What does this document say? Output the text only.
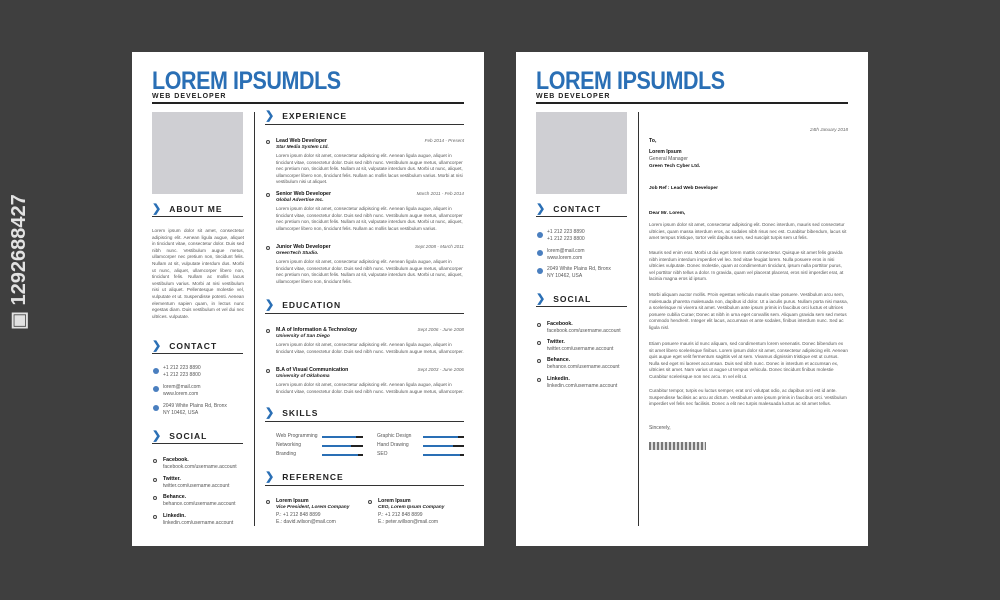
▣ 1292688427
LOREM IPSUMDLS
WEB DEVELOPER
❯ ABOUT ME
Lorem ipsum dolor sit amet, consectetur adipiscing elit. Aenean ligula augue, aliquet in tincidunt vitae, consectetur dolor. Duis sed nibh nunc. Vestibulum augue metus, ullamcorper nec pretium non, tincidunt felis. Nullam at sit, vulputate interdum dus. Morbi ut nunc, aliquet, ullamcorper libero non, tincidunt felis. Nullam ac mollis lacus vestibulum varius. Morbi at nisi vestibulum nisi ut aliquet. Pellentesque molestie vel, vulputate et ut. Suspendisse potenti. Aenean elementum sapien quam, in lectus nunc egestas diam. Duis vestibulum et vel dui nec ultrices. vulputate.
❯ CONTACT
+1 212 223 8890
+1 212 223 8800
lorem@mail.com
www.lorem.com
2049 White Plains Rd, Bronx
NY 10462, USA
❯ SOCIAL
Facebook.
facebook.com/username.account
Twitter.
twitter.com/username.account
Behance.
behance.com/username.account
Linkedin.
linkedin.com/username.account
❯ EXPERIENCE
Lead Web Developer	Feb 2014 - Present
Star Media System Ltd.
Lorem ipsum dolor sit amet, consectetur adipiscing elit. Aenean ligula augue, aliquet in tincidunt vitae, consectetur dolor. Duis sed nibh nunc. Vestibulum augue metus, ullamcorper nec pretium non, tincidunt felis. Nullam at sit, vulputate interdum dus. Morbi ut nunc, aliquet, ullamcorper libero non, tincidunt felis. Nullam ac mollis lacus vestibulum varius. Morbi at nisi vestibulum nisi ut aliquet.
Senior Web Developer	March 2011 - Feb 2014
Global Advertise Inc.
Lorem ipsum dolor sit amet, consectetur adipiscing elit. Aenean ligula augue, aliquet in tincidunt vitae, consectetur dolor. Duis sed nibh nunc. Vestibulum augue metus, ullamcorper nec pretium non, tincidunt felis. Nullam at sit, vulputate interdum dus. Morbi ut nunc, aliquet, ullamcorper libero non, tincidunt felis. Nullam ac mollis lacus vestibulum varius.
Junior Web Developer	Sept 2008 - March 2011
GreenTech Studio.
Lorem ipsum dolor sit amet, consectetur adipiscing elit. Aenean ligula augue, aliquet in tincidunt vitae, consectetur dolor. Duis sed nibh nunc. Vestibulum augue metus, ullamcorper nec pretium non, tincidunt felis. Nullam at sit, vulputate interdum dus. Morbi ut nunc, aliquet, ullamcorper libero non, tincidunt felis.
❯ EDUCATION
M.A of Information & Technology	Sept 2006 - June 2008
University of San Diego
Lorem ipsum dolor sit amet, consectetur adipiscing elit. Aenean ligula augue, aliquet in tincidunt vitae, consectetur dolor. Duis sed nibh nunc. Vestibulum augue metus, ullamcorper.
B.A of Visual Communication	Sept 2003 - June 2006
University of Oklahoma
Lorem ipsum dolor sit amet, consectetur adipiscing elit. Aenean ligula augue, aliquet in tincidunt vitae, consectetur dolor. Duis sed nibh nunc. Vestibulum augue metus, ullamcorper.
❯ SKILLS
Web Programming
Networking
Branding
Graphic Design
Hand Drawing
SEO
❯ REFERENCE
Lorem Ipsum
Vice President, Lorem Company
P.: +1 212 848 8899
E.: david.wilson@mail.com
Lorem Ipsum
CEO, Lorem Ipsum Company
P.: +1 212 848 8899
E.: peter.willson@mail.com
LOREM IPSUMDLS
WEB DEVELOPER
❯ CONTACT
+1 212 223 8890
+1 212 223 8800
lorem@mail.com
www.lorem.com
2049 White Plains Rd, Bronx
NY 10462, USA
❯ SOCIAL
Facebook.
facebook.com/username.account
Twitter.
twitter.com/username.account
Behance.
behance.com/username.account
Linkedin.
linkedin.com/username.account
24th January 2018
To,
Lorem Ipsum
General Manager
Green Tech Cyber Ltd.
Job Ref : Lead Web Developer
Dear Mr. Lorem,
Lorem ipsum dolor sit amet, consectetur adipiscing elit. Donec interdum, mauris sed consectetur ultricies, quam massa interdum eros, ac sodales nibh risus nec est. Curabitur bibendum, lacus sit amet tempus tristique, tortor velit dapibus sem, sed suscipit turpis sem ut felis.
Mauris sed enim erat. Morbi ut dui eget lorem mattis consectetur. Quisque sit amet felis gravida nibh interdum interdum imperdiet vel leo. Sed vitae feugiat lorem. Nulla posuere eros in nisi ultricies vulputate. Donec molestie, quam at condimentum tincidunt, ipsum nulla porttitor purus, vel porttitor nibh tellus a dolor. In gravida, quam vel placerat placerat, eros nisl imperdiet erat, at lacinia magna eros id ipsum.
Morbi aliquam auctor mollis. Proin egestas vehicula mauris vitae posuere. Vestibulum arcu sem, malesuada pharetra malesuada non, dapibus id dolor. Ut a iaculis purus. Nullam porta nisi massa, a scelerisque mi viverra sit amet. Vestibulum ante ipsum primis in faucibus orci luctus et ultrices posuere cubilia Curae; Donec at nibh in urna eget convallis sem. Aliquam gravida sem sed metus commodo hendrerit. Integer elit lacus, accumsan et ante sodales, finibus interdum nunc. Sed ac ligula nisl.
Etiam posuere mauris id nunc aliquam, sed condimentum lorem venenatis. Donec bibendum ex sit amet libero scelerisque finibus. Lorem ipsum dolor sit amet, consectetur adipiscing elit. Aenean quis augue eget velit fermentum sagittis vel at sem. Vivamus dignissim tristique est ut cursus. Nulla sed eget mi laoreet accumsan. Duis sed nibh nunc. Donec in interdum et accumsan ex, ultricies sit amet. Nam varius ut augue ut tempus vehicula. Donec tincidunt finibus molestie Curabitur scelerisque non nec arcu. In vel elit ut.
Curabitur tempor, turpis eu luctus semper, erat orci volutpat odio, ac dapibus orci est id ante. Suspendisse facilisis ac arcu at dictum. Vestibulum ante ipsum primis in faucibus orci. Vestibulum imperdiet vel felis nec facilisis. Donec a elit nec turpis malesuada luctus ac sit amet tellus.
Sincerely,
